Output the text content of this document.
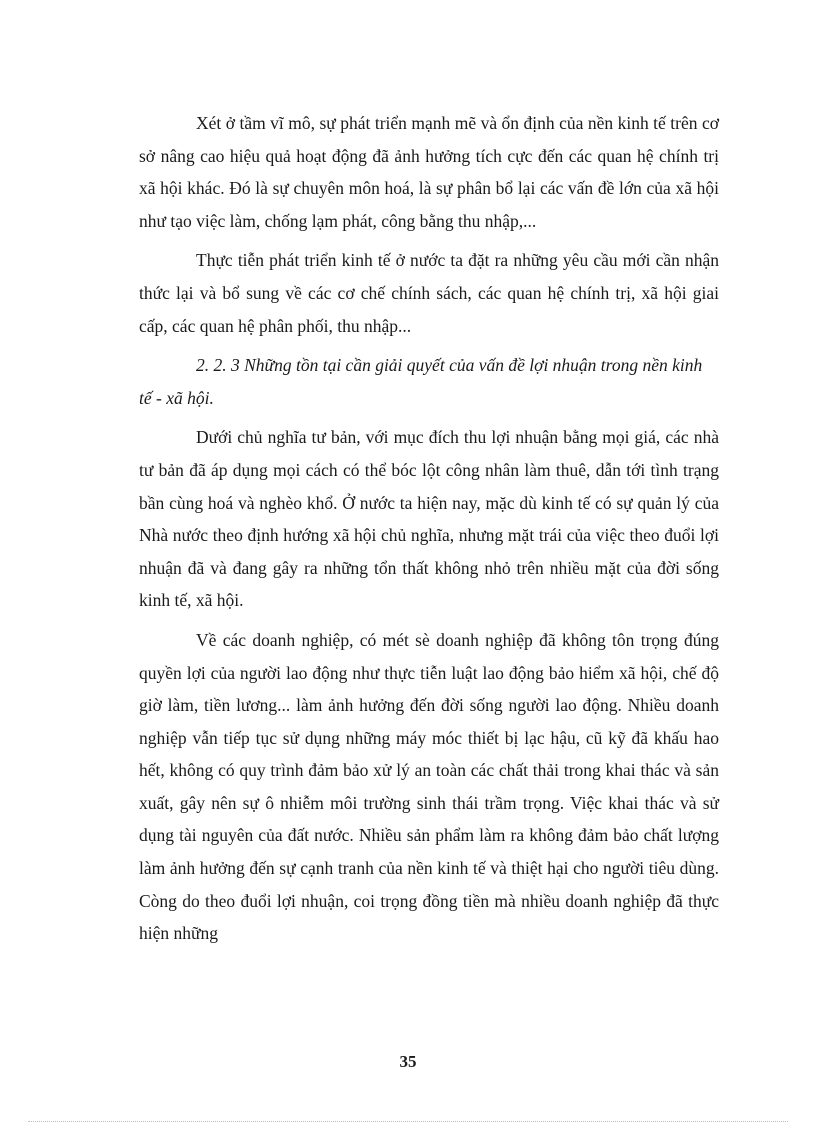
Xét ở tầm vĩ mô, sự phát triển mạnh mẽ và ổn định của nền kinh tế trên cơ sở nâng cao hiệu quả hoạt động đã ảnh hưởng tích cực đến các quan hệ chính trị xã hội khác. Đó là sự chuyên môn hoá, là sự phân bổ lại các vấn đề lớn của xã hội như tạo việc làm, chống lạm phát, công bằng thu nhập,...

Thực tiễn phát triển kinh tế ở nước ta đặt ra những yêu cầu mới cần nhận thức lại và bổ sung về các cơ chế chính sách, các quan hệ chính trị, xã hội giai cấp, các quan hệ phân phối, thu nhập...

2. 2. 3 Những tồn tại cần giải quyết của vấn đề lợi nhuận trong nền kinh tế - xã hội.

Dưới chủ nghĩa tư bản, với mục đích thu lợi nhuận bằng mọi giá, các nhà tư bản đã áp dụng mọi cách có thể bóc lột công nhân làm thuê, dẫn tới tình trạng bần cùng hoá và nghèo khổ. Ở nước ta hiện nay, mặc dù kinh tế có sự quản lý của Nhà nước theo định hướng xã hội chủ nghĩa, nhưng mặt trái của việc theo đuổi lợi nhuận đã và đang gây ra những tổn thất không nhỏ trên nhiều mặt của đời sống kinh tế, xã hội.

Về các doanh nghiệp, có mét sè doanh nghiệp đã không tôn trọng đúng quyền lợi của người lao động như thực tiễn luật lao động bảo hiểm xã hội, chế độ giờ làm, tiền lương... làm ảnh hưởng đến đời sống người lao động. Nhiều doanh nghiệp vẫn tiếp tục sử dụng những máy móc thiết bị lạc hậu, cũ kỹ đã khấu hao hết, không có quy trình đảm bảo xử lý an toàn các chất thải trong khai thác và sản xuất, gây nên sự ô nhiễm môi trường sinh thái trầm trọng. Việc khai thác và sử dụng tài nguyên của đất nước. Nhiều sản phẩm làm ra không đảm bảo chất lượng làm ảnh hưởng đến sự cạnh tranh của nền kinh tế và thiệt hại cho người tiêu dùng. Còng do theo đuổi lợi nhuận, coi trọng đồng tiền mà nhiều doanh nghiệp đã thực hiện những

35
